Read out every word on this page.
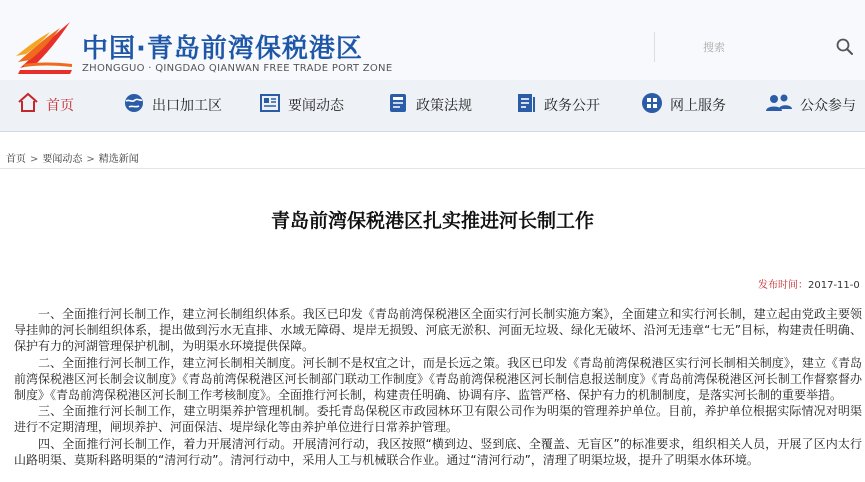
中国·青岛前湾保税港区
ZHONGGUO · QINGDAO QIANWAN FREE TRADE PORT ZONE
搜索
首页	出口加工区	要闻动态	政策法规	政务公开	网上服务	公众参与
首页 > 要闻动态 > 精选新闻
青岛前湾保税港区扎实推进河长制工作
发布时间：2017-11-0

一、全面推行河长制工作，建立河长制组织体系。我区已印发《青岛前湾保税港区全面实行河长制实施方案》，全面建立和实行河长制，建立起由党政主要领导挂帅的河长制组织体系，提出做到污水无直排、水域无障碍、堤岸无损毁、河底无淤积、河面无垃圾、绿化无破坏、沿河无违章“七无”目标，构建责任明确、保护有力的河湖管理保护机制，为明渠水环境提供保障。

二、全面推行河长制工作，建立河长制相关制度。河长制不是权宜之计，而是长远之策。我区已印发《青岛前湾保税港区实行河长制相关制度》，建立《青岛前湾保税港区河长制会议制度》《青岛前湾保税港区河长制部门联动工作制度》《青岛前湾保税港区河长制信息报送制度》《青岛前湾保税港区河长制工作督察督办制度》《青岛前湾保税港区河长制工作考核制度》。全面推行河长制，构建责任明确、协调有序、监管严格、保护有力的机制制度，是落实河长制的重要举措。

三、全面推行河长制工作，建立明渠养护管理机制。委托青岛保税区市政园林环卫有限公司作为明渠的管理养护单位。目前，养护单位根据实际情况对明渠进行不定期清理，闸坝养护、河面保洁、堤岸绿化等由养护单位进行日常养护管理。

四、全面推行河长制工作，着力开展清河行动。开展清河行动，我区按照“横到边、竖到底、全覆盖、无盲区”的标准要求，组织相关人员，开展了区内太行山路明渠、莫斯科路明渠的“清河行动”。清河行动中，采用人工与机械联合作业。通过“清河行动”，清理了明渠垃圾，提升了明渠水体环境。
